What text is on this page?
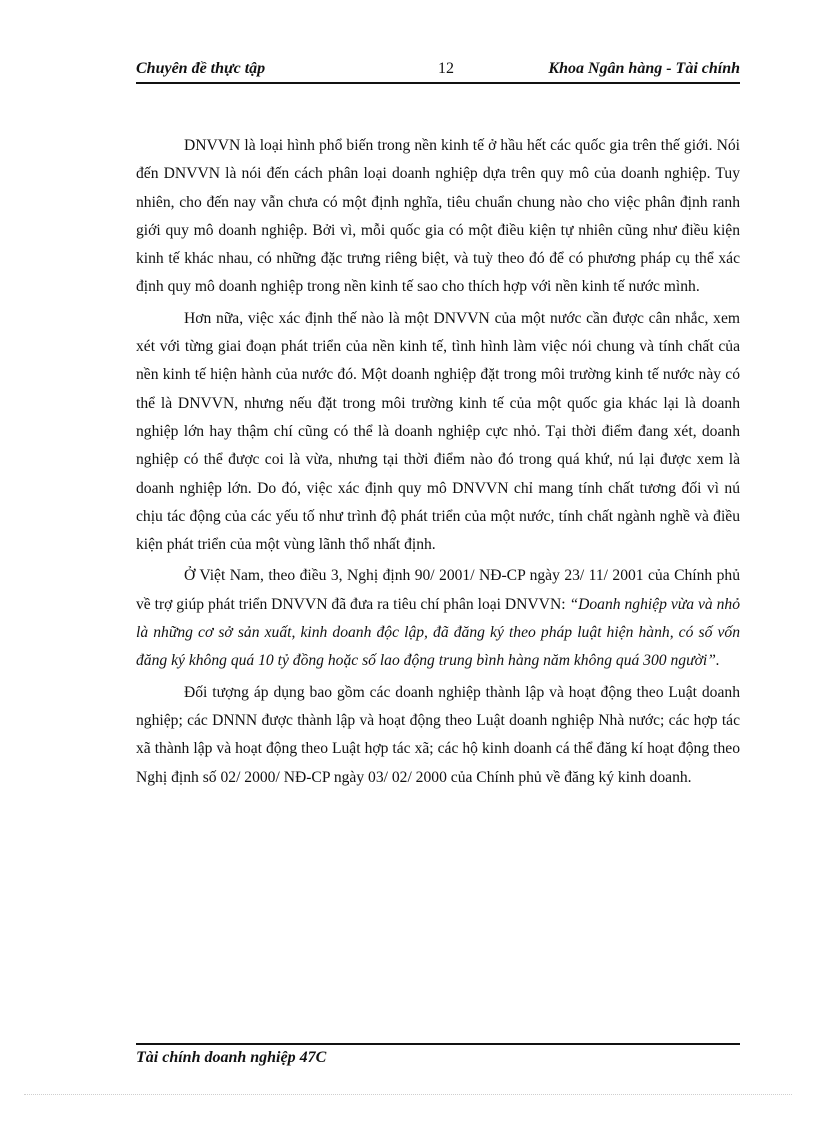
Chuyên đề thực tập	12	Khoa Ngân hàng - Tài chính

DNVVN là loại hình phổ biến trong nền kinh tế ở hầu hết các quốc gia trên thế giới. Nói đến DNVVN là nói đến cách phân loại doanh nghiệp dựa trên quy mô của doanh nghiệp. Tuy nhiên, cho đến nay vẫn chưa có một định nghĩa, tiêu chuẩn chung nào cho việc phân định ranh giới quy mô doanh nghiệp. Bởi vì, mỗi quốc gia có một điều kiện tự nhiên cũng như điều kiện kinh tế khác nhau, có những đặc trưng riêng biệt, và tuỳ theo đó để có phương pháp cụ thể xác định quy mô doanh nghiệp trong nền kinh tế sao cho thích hợp với nền kinh tế nước mình.

Hơn nữa, việc xác định thế nào là một DNVVN của một nước cần được cân nhắc, xem xét với từng giai đoạn phát triển của nền kinh tế, tình hình làm việc nói chung và tính chất của nền kinh tế hiện hành của nước đó. Một doanh nghiệp đặt trong môi trường kinh tế nước này có thể là DNVVN, nhưng nếu đặt trong môi trường kinh tế của một quốc gia khác lại là doanh nghiệp lớn hay thậm chí cũng có thể là doanh nghiệp cực nhỏ. Tại thời điểm đang xét, doanh nghiệp có thể được coi là vừa, nhưng tại thời điểm nào đó trong quá khứ, nú lại được xem là doanh nghiệp lớn. Do đó, việc xác định quy mô DNVVN chỉ mang tính chất tương đối vì nú chịu tác động của các yếu tố như trình độ phát triển của một nước, tính chất ngành nghề và điều kiện phát triển của một vùng lãnh thổ nhất định.

Ở Việt Nam, theo điều 3, Nghị định 90/ 2001/ NĐ-CP ngày 23/ 11/ 2001 của Chính phủ về trợ giúp phát triển DNVVN đã đưa ra tiêu chí phân loại DNVVN: “Doanh nghiệp vừa và nhỏ là những cơ sở sản xuất, kinh doanh độc lập, đã đăng ký theo pháp luật hiện hành, có số vốn đăng ký không quá 10 tỷ đồng hoặc số lao động trung bình hàng năm không quá 300 người”.

Đối tượng áp dụng bao gồm các doanh nghiệp thành lập và hoạt động theo Luật doanh nghiệp; các DNNN được thành lập và hoạt động theo Luật doanh nghiệp Nhà nước; các hợp tác xã thành lập và hoạt động theo Luật hợp tác xã; các hộ kinh doanh cá thể đăng kí hoạt động theo Nghị định số 02/ 2000/ NĐ-CP ngày 03/ 02/ 2000 của Chính phủ về đăng ký kinh doanh.

Tài chính doanh nghiệp 47C
